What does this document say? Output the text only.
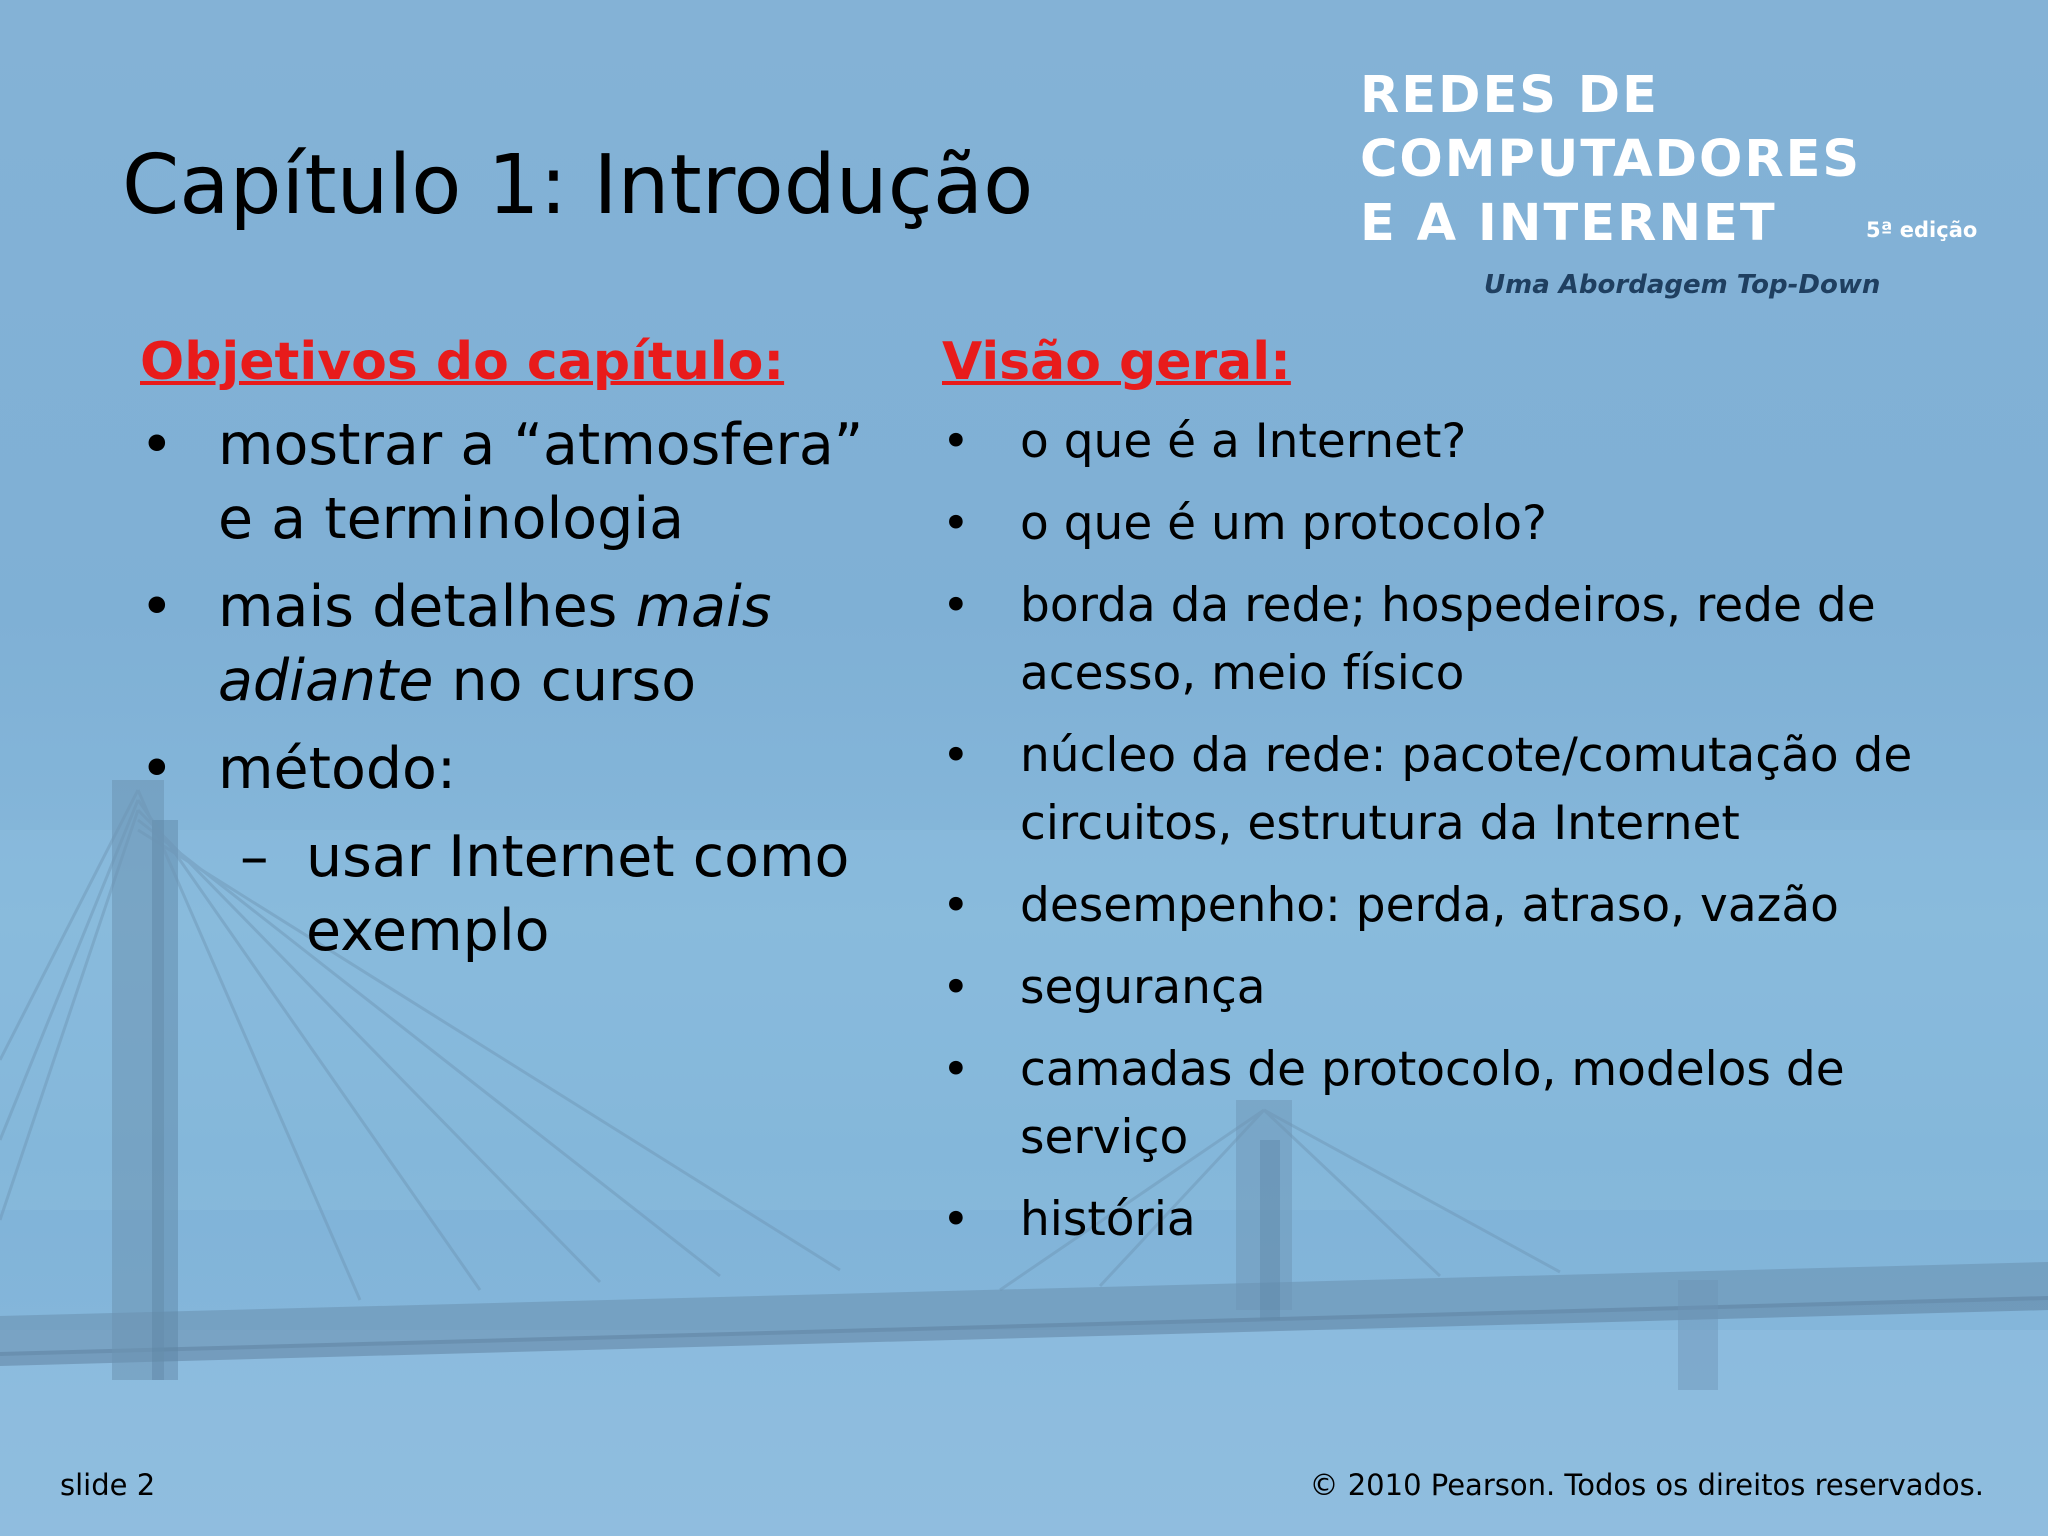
Capítulo 1: Introdução
REDES DE
COMPUTADORES
E A INTERNET	5ª edição
Uma Abordagem Top-Down
Objetivos do capítulo:
• mostrar a “atmosfera” e a terminologia
• mais detalhes mais adiante no curso
• método:
– usar Internet como exemplo
Visão geral:
• o que é a Internet?
• o que é um protocolo?
• borda da rede; hospedeiros, rede de acesso, meio físico
• núcleo da rede: pacote/comutação de circuitos, estrutura da Internet
• desempenho: perda, atraso, vazão
• segurança
• camadas de protocolo, modelos de serviço
• história
slide 2	© 2010 Pearson. Todos os direitos reservados.
